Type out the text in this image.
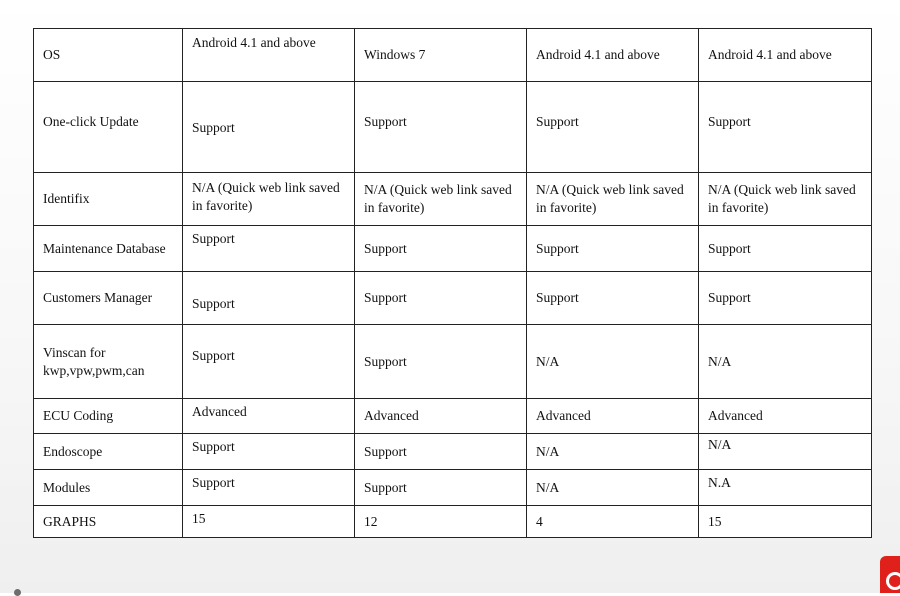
OS	Android 4.1 and above	Windows 7	Android 4.1 and above	Android 4.1 and above

One-click Update	Support	Support	Support	Support

Identifix	N/A (Quick web link saved in favorite)	N/A (Quick web link saved in favorite)	N/A (Quick web link saved in favorite)	N/A (Quick web link saved in favorite)
Maintenance Database	Support	Support	Support	Support
Customers Manager	Support	Support	Support	Support
Vinscan for kwp,vpw,pwm,can	Support	Support	N/A	N/A
ECU Coding	Advanced	Advanced	Advanced	Advanced
Endoscope	Support	Support	N/A	N/A

Modules	Support	Support	N/A	N.A

GRAPHS	15	12	4	15
